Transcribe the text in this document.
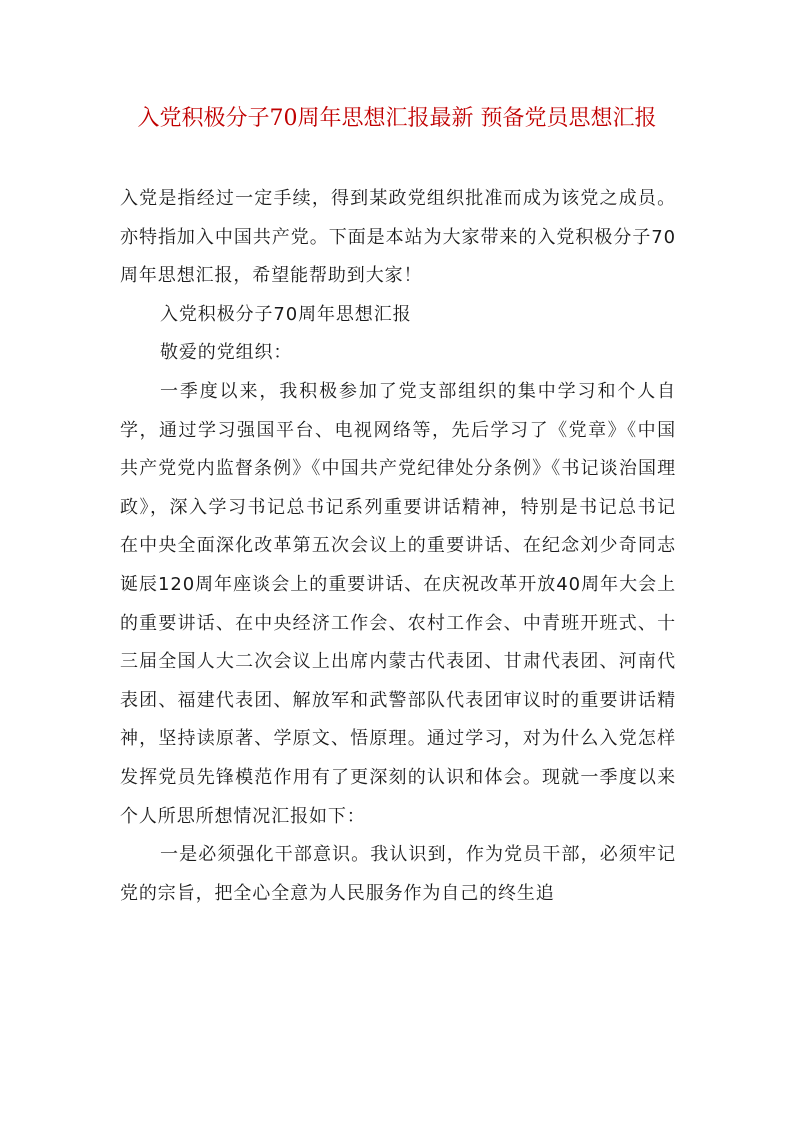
入党积极分子70周年思想汇报最新 预备党员思想汇报

入党是指经过一定手续，得到某政党组织批准而成为该党之成员。亦特指加入中国共产党。下面是本站为大家带来的入党积极分子70周年思想汇报，希望能帮助到大家！

入党积极分子70周年思想汇报

敬爱的党组织：

一季度以来，我积极参加了党支部组织的集中学习和个人自学，通过学习强国平台、电视网络等，先后学习了《党章》《中国共产党党内监督条例》《中国共产党纪律处分条例》《书记谈治国理政》，深入学习书记总书记系列重要讲话精神，特别是书记总书记在中央全面深化改革第五次会议上的重要讲话、在纪念刘少奇同志诞辰120周年座谈会上的重要讲话、在庆祝改革开放40周年大会上的重要讲话、在中央经济工作会、农村工作会、中青班开班式、十三届全国人大二次会议上出席内蒙古代表团、甘肃代表团、河南代表团、福建代表团、解放军和武警部队代表团审议时的重要讲话精神，坚持读原著、学原文、悟原理。通过学习，对为什么入党怎样发挥党员先锋模范作用有了更深刻的认识和体会。现就一季度以来个人所思所想情况汇报如下：

一是必须强化干部意识。我认识到，作为党员干部，必须牢记党的宗旨，把全心全意为人民服务作为自己的终生追
